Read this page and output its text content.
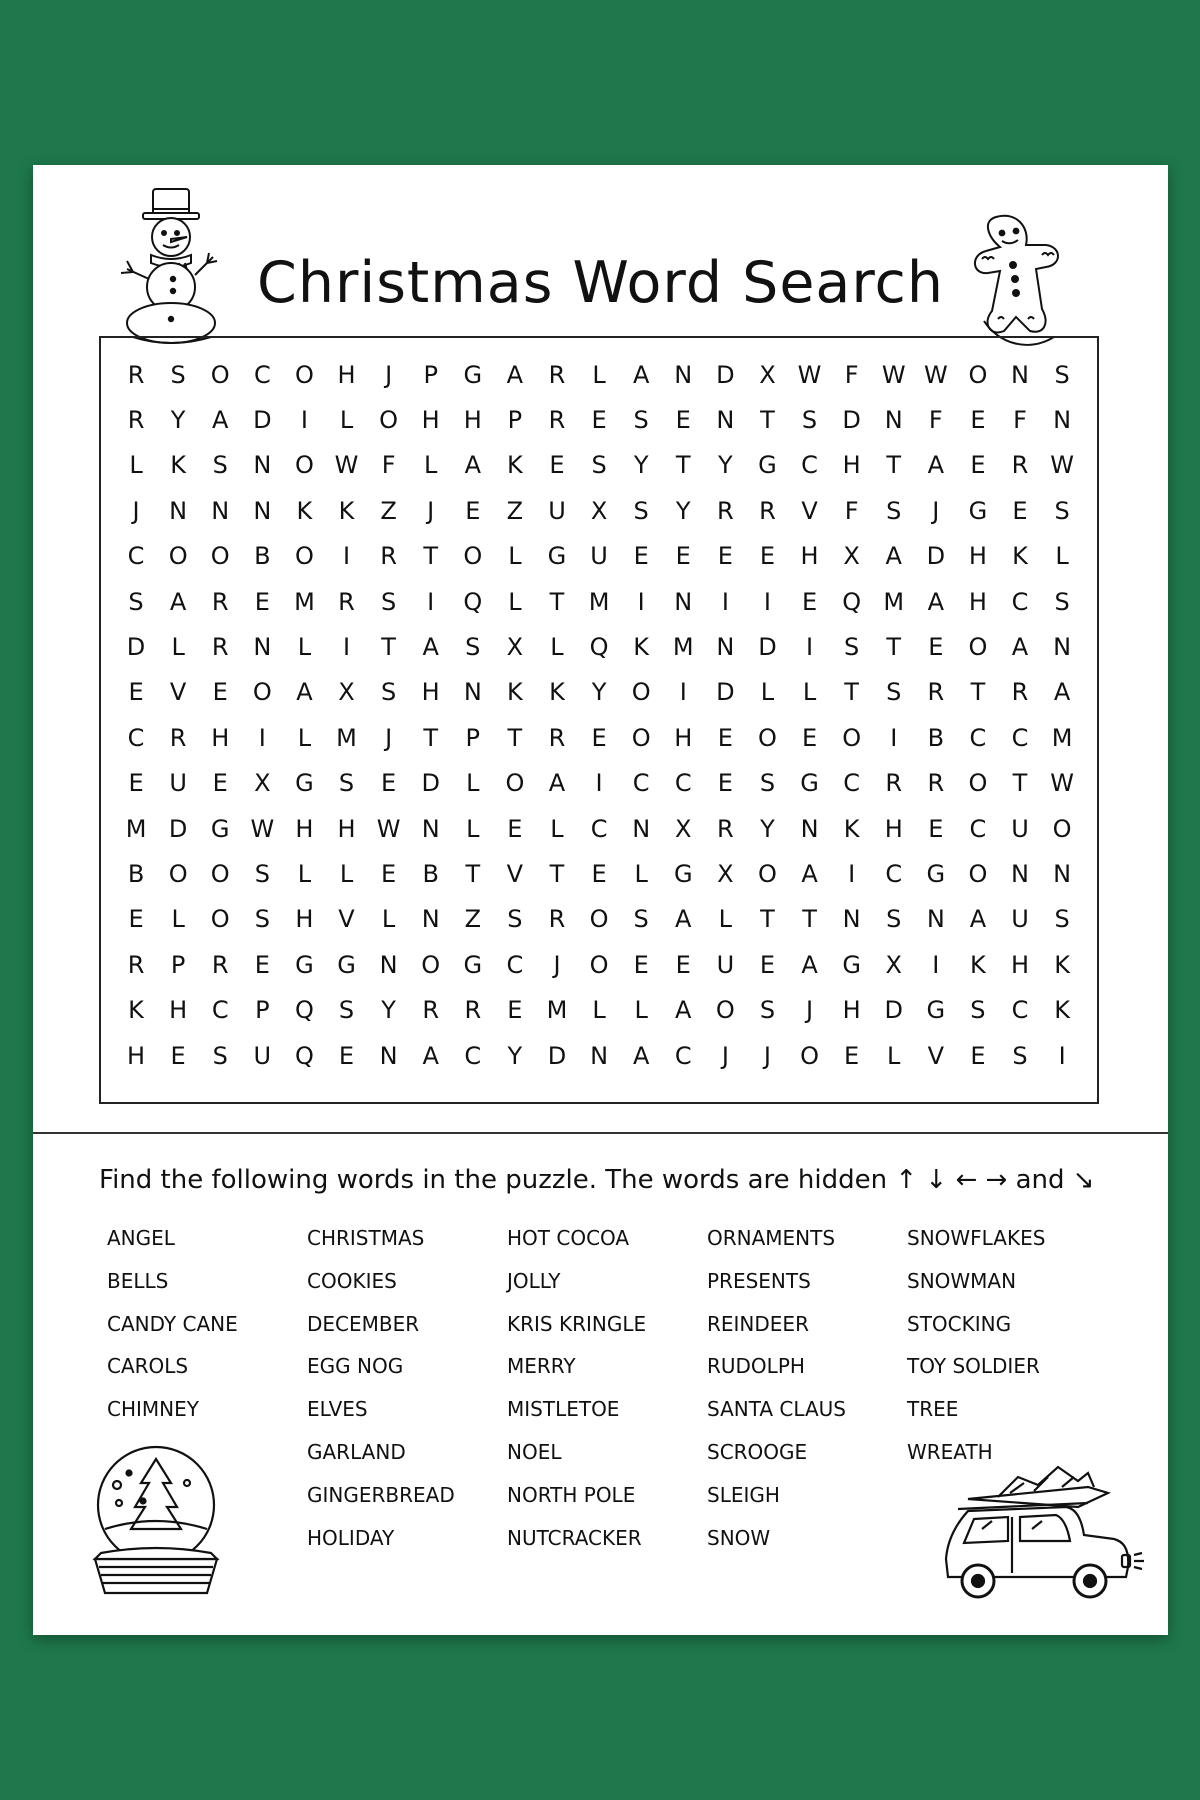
Christmas Word Search
R	S	O	C	O H	J	P	G	A	R	L	A	N D	X W F W W O N	S
R	Y	A	D	I	L	O H	H	P	R	E	S	E	N	T	S	D N	F	E	F	N
L	K	S	N O W F	L	A	K	E	S	Y	T	Y	G	C	H	T	A	E	R W
J	N	N	N	K	K	Z	J	E	Z	U	X	S	Y	R	R	V	F	S	J	G	E	S
C	O O	B	O	I	R	T	O	L	G	U	E	E	E	E	H	X	A	D H	K	L
S	A	R	E	M R	S	I	Q	L	T	M	I	N	I	I	E	Q M A	H	C	S
D	L	R	N	L	I	T	A	S	X	L	Q	K M N D	I	S	T	E	O	A	N
E	V	E	O	A	X	S	H	N	K	K	Y	O	I	D	L	L	T	S	R	T	R	A
C	R	H	I	L	M	J	T	P	T	R	E	O H	E	O	E	O	I	B	C	C M
E	U	E	X	G	S	E	D	L	O	A	I	C	C	E	S	G	C	R	R	O	T W
M D G W H	H W N	L	E	L	C	N	X	R	Y	N	K	H	E	C	U O
B	O O	S	L	L	E	B	T	V	T	E	L	G	X	O	A	I	C	G O N	N
E	L	O	S	H	V	L	N	Z	S	R	O	S	A	L	T	T	N	S	N	A	U	S
R	P	R	E	G G N O G	C	J	O	E	E	U	E	A	G	X	I	K	H	K
K	H	C	P	Q	S	Y	R	R	E	M	L	L	A	O	S	J	H D G	S	C	K
H	E	S	U Q	E	N	A	C	Y	D N	A	C	J	J	O	E	L	V	E	S	I
Find the following words in the puzzle. The words are hidden ↑ ↓ ← → and ↘
ANGEL
BELLS
CANDY CANE
CAROLS
CHIMNEY
CHRISTMAS
COOKIES
DECEMBER
EGG NOG
ELVES
GARLAND
GINGERBREAD
HOLIDAY
HOT COCOA
JOLLY
KRIS KRINGLE
MERRY
MISTLETOE
NOEL
NORTH POLE
NUTCRACKER
ORNAMENTS
PRESENTS
REINDEER
RUDOLPH
SANTA CLAUS
SCROOGE
SLEIGH
SNOW
SNOWFLAKES
SNOWMAN
STOCKING
TOY SOLDIER
TREE
WREATH
